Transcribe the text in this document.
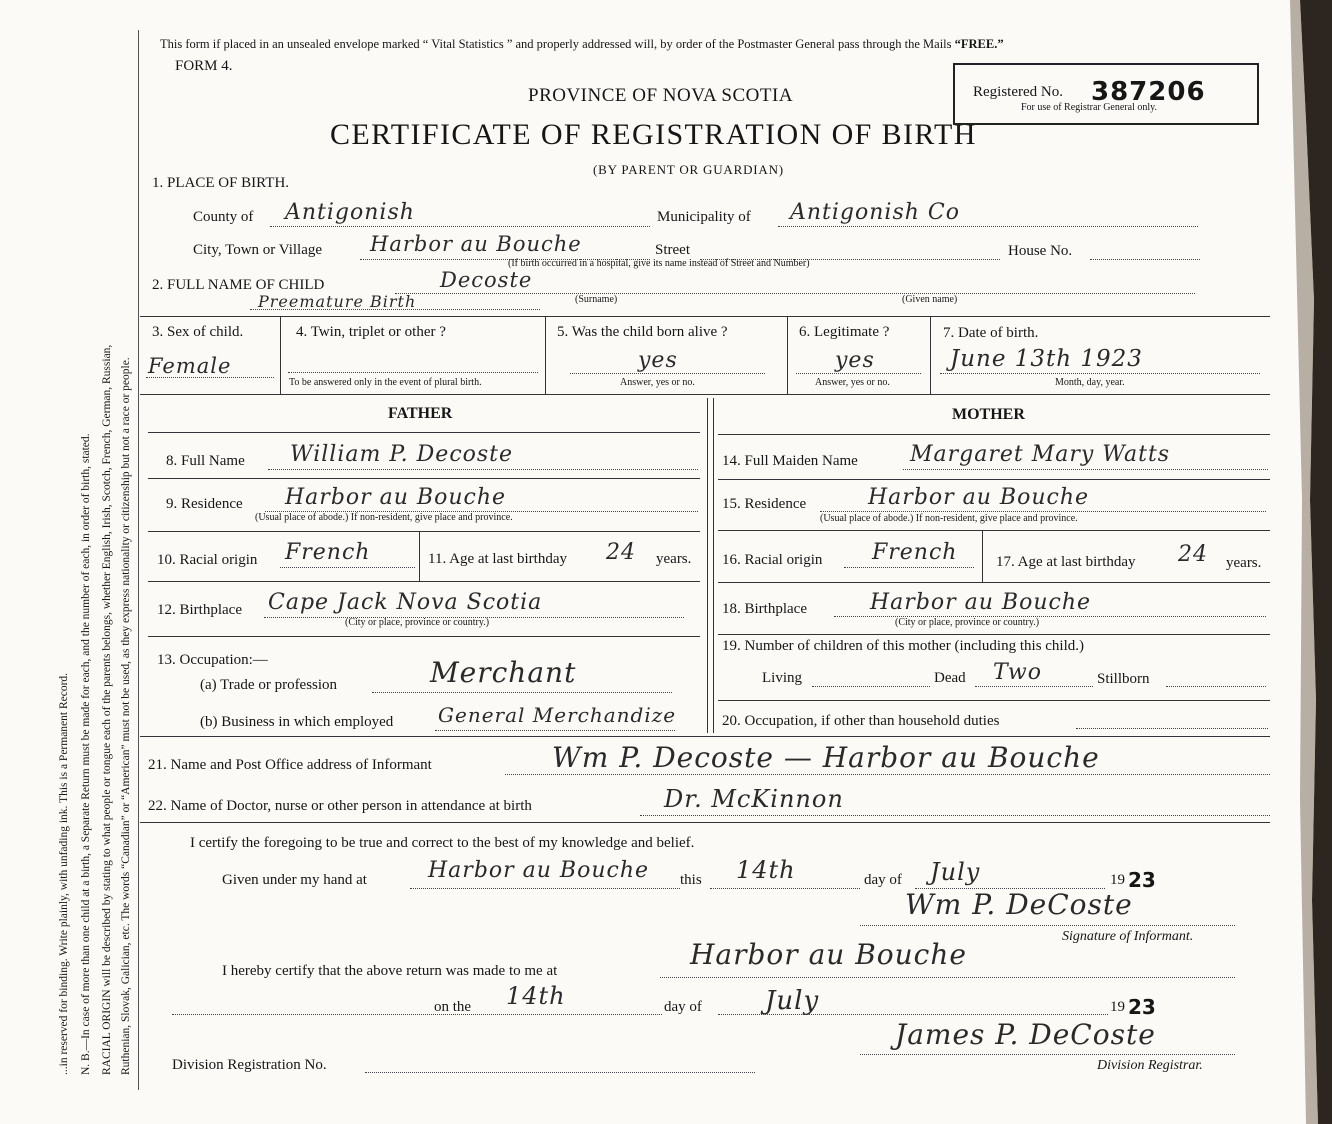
...in reserved for binding. Write plainly, with unfading ink. This is a Permanent Record. N. B.—In case of more than one child at a birth, a Separate Return must be made for each, and the number of each, in order of birth, stated. RACIAL ORIGIN will be described by stating to what people or tongue each of the parents belongs, whether English, Irish, Scotch, French, German, Russian, Ruthenian, Slovak, Galician, etc. The words “Canadian” or “American” must not be used, as they express nationality or citizenship but not a race or people.
This form if placed in an unsealed envelope marked “ Vital Statistics ” and properly addressed will, by order of the Postmaster General pass through the Mails “FREE.”
FORM 4.
PROVINCE OF NOVA SCOTIA
CERTIFICATE OF REGISTRATION OF BIRTH
(BY PARENT OR GUARDIAN)
Registered No. 387206
For use of Registrar General only.
1. PLACE OF BIRTH.
County of Antigonish	Municipality of Antigonish Co
City, Town or Village Harbor au Bouche	Street	House No.
(If birth occurred in a hospital, give its name instead of Street and Number)
2. FULL NAME OF CHILD	Decoste
(Surname)	(Given name)
Preemature Birth
3. Sex of child.
Female
4. Twin, triplet or other ?
To be answered only in the event of plural birth.
5. Was the child born alive ?
yes
Answer, yes or no.
6. Legitimate ?
yes
Answer, yes or no.
7. Date of birth.
June 13th 1923
Month, day, year.
FATHER	MOTHER
8. Full Name William P. Decoste
9. Residence Harbor au Bouche
(Usual place of abode.) If non-resident, give place and province.
10. Racial origin French	11. Age at last birthday 24 years.
12. Birthplace Cape Jack Nova Scotia
(City or place, province or country.)
13. Occupation:—
(a) Trade or profession	Merchant
(b) Business in which employed General Merchandize
14. Full Maiden Name Margaret Mary Watts
15. Residence	Harbor au Bouche
(Usual place of abode.) If non-resident, give place and province.
16. Racial origin French	17. Age at last birthday 24 years.
18. Birthplace	Harbor au Bouche
(City or place, province or country.)
19. Number of children of this mother (including this child.)
Living	Dead Two	Stillborn
20. Occupation, if other than household duties
21. Name and Post Office address of Informant	Wm P. Decoste — Harbor au Bouche
22. Name of Doctor, nurse or other person in attendance at birth	Dr. McKinnon
I certify the foregoing to be true and correct to the best of my knowledge and belief.
Given under my hand at	Harbor au Bouche this 14th	day of July	19 23
Wm P. DeCoste
Signature of Informant.
Harbor au Bouche
I hereby certify that the above return was made to me at
on the 14th	day of July	19 23
James P. DeCoste
Division Registration No.	Division Registrar.
